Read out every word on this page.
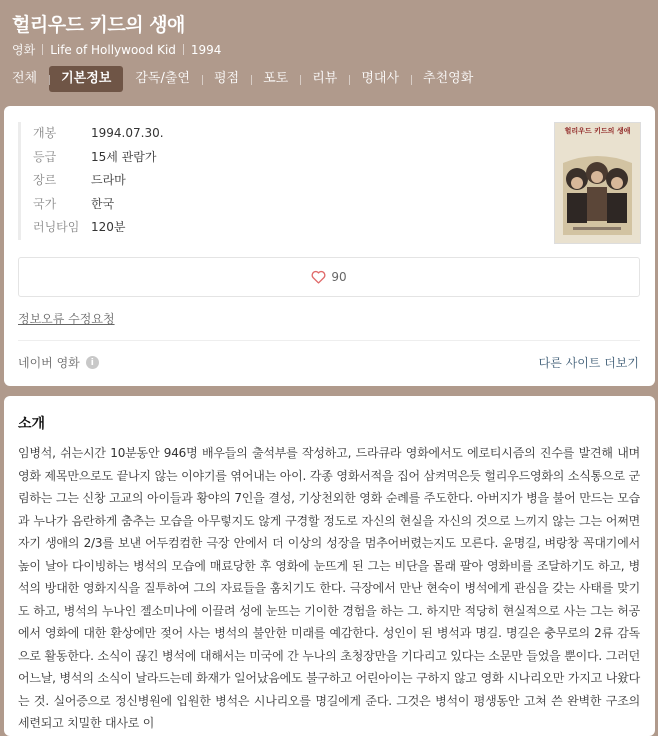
헐리우드 키드의 생애
영화 Life of Hollywood Kid 1994
전체	기본정보	감독/출연	평점	포토	리뷰	명대사	추천영화
개봉	1994.07.30.
등급	15세 관람가
장르	드라마
국가	한국
러닝타임 120분
헐리우드 키드의 생애
90
정보오류 수정요청
네이버 영화	i	다른 사이트 더보기
소개

임병석, 쉬는시간 10분동안 946명 배우들의 출석부를 작성하고, 드라큐라 영화에서도 에로티시즘의 진수를 발견해 내며 영화 제목만으로도 끝나지 않는 이야기를 엮어내는 아이. 각종 영화서적을 집어 삼켜먹은듯 헐리우드영화의 소식통으로 군림하는 그는 신창 고교의 아이들과 황야의 7인을 결성, 기상천외한 영화 순례를 주도한다. 아버지가 병을 불어 만드는 모습과 누나가 음란하게 춤추는 모습을 아무렇지도 않게 구경할 정도로 자신의 현실을 자신의 것으로 느끼지 않는 그는 어쩌면 자기 생애의 2/3를 보낸 어두컴컴한 극장 안에서 더 이상의 성장을 멈추어버렸는지도 모른다. 윤명길, 벼랑창 꼭대기에서 높이 날아 다이빙하는 병석의 모습에 매료당한 후 영화에 눈뜨게 된 그는 비단을 몰래 팔아 영화비를 조달하기도 하고, 병석의 방대한 영화지식을 질투하여 그의 자료들을 훔치기도 한다. 극장에서 만난 현숙이 병석에게 관심을 갖는 사태를 맞기도 하고, 병석의 누나인 젤소미나에 이끌려 성에 눈뜨는 기이한 경험을 하는 그. 하지만 적당히 현실적으로 사는 그는 허공에서 영화에 대한 환상에만 젖어 사는 병석의 불안한 미래를 예감한다. 성인이 된 병석과 명길. 명길은 충무로의 2류 감독으로 활동한다. 소식이 끊긴 병석에 대해서는 미국에 간 누나의 초청장만을 기다리고 있다는 소문만 들었을 뿐이다. 그러던 어느날, 병석의 소식이 날라드는데 화재가 일어났음에도 불구하고 어린아이는 구하지 않고 영화 시나리오만 가지고 나왔다는 것. 실어증으로 정신병원에 입원한 병석은 시나리오를 명길에게 준다. 그것은 병석이 평생동안 고쳐 쓴 완벽한 구조의 세련되고 치밀한 대사로 이
